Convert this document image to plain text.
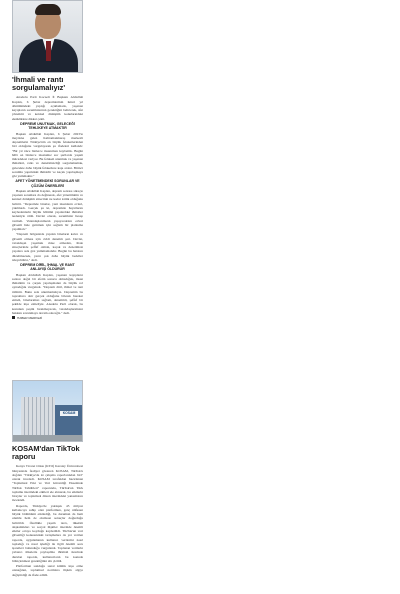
'İhmali ve rantı sorgulamalıyız'

Anadolu Parti Kocaeli İl Başkanı Abdullah Kaplan, 6 Şubat depremlerinin ikinci yıl dönümündeki yaptığı açıklamada, yaşanan kayıpların sorumlularının gerektiğini belirterek, afet yönetimi ve kentsel dönüşüm konularındaki eksikliklere dikkat çekti.

DEPREMİ UNUTMAK, GELECEĞİ TEHLİKEYE ATMAKTIR

Başkan Abdullah Kaplan, 6 Şubat 2023'te meydana gelen Kahramanmaraş merkezli depremlerin Türkiye'nin en büyük felaketlerinden biri olduğunu vurgulayarak şu ifadeleri kullandı: "Bir yıl önce binlerce insanımızı kaybettik. Bugün hâlâ on binlerce insanımız zor şartlarda yaşam mücadelesi veriyor. Bu felaketi unutmak ve yaşanan ihmalleri, rantı ve denetimsizliği sorgulamamak, gelecekte daha büyük felaketlere kapı aralar. Birinci sorumlu yapımdaki ihmaldir ve kaçak yapılaşmaya göz yummaktır."

AFET YÖNETİMİNDEKİ SORUNLAR VE ÇÖZÜM ÖNERİLERİ

Başkan Abdullah Kaplan, deprem sonrası süreçte yaşanan sorunlara da değinerek, afet yönetiminin ve kentsel dönüşüm sürecinin ne kadar kritik olduğunu belirtti. "Depremde binalar, yani insanların evleri, yıkılmadı. Gerçek şu ki, depremde hayatlarını kaybedenlerin büyük bölümü yapılardaki ihmaller nedeniyle öldü. Devlet olarak, sorumlular hesap vermeli. Vatandaşlarımızın yaşayacakları evleri güvenli hale getirmek için sağlam bir planlama yapılmalı."

"Deprem bölgesinde yapılan binaların kalıcı ve güvenli olması için ciddi denetim şart. Devlet, vatandaşın yaşamını riske atmadan, ihale süreçlerinde şeffaf olmalı, kaçak ve denetimsiz yapılara asla göz yummamalıdır. Bugün bu hataları düzeltmezsek, yarın çok daha büyük bedeller ödeyebiliriz," dedi.

DEPREM DİRİL, İHMAL VE RANT ANLAYIŞI ÖLDÜRÜR

Başkan Abdullah Kaplan, yaşanan kayıpların sadece doğal bir afetin sonucu olmadığını, insan ihmalinin ve çarpık yapılaşmanın da büyük rol oynadığını vurguladı. "Deprem diril, ihmal ve rant öldürür. Bunu asla unutmamalıyız. Depremin bu topraklara dair gerçek olduğunu bilerek hareket etmeli, binalarımızı sağlam, denetimli, şeffaf bir şekilde inşa etmeliyiz. Anadolu Parti olarak, bu konunun peşini bırakmayacak, vatandaşlarımızın hakkını savunmaya devam edeceğiz." dedi.

HABER MERKEZİ
KOSAM
KOSAM'dan TikTok raporu

Konya Ticaret Odası (KTO) Karatay Üniversitesi bünyesinde faaliyet gösteren KOSAM, TikTok'u doğdan "Türkiye'de ki çalışma raporlarından biri" olarak inceledi. KOSAM tarafından hazırlanan "Toplumsal Etki ve Veri Güvenliği Ekseninde TikTok Tehditleri" raporunda, TikTok'un Türk toplumu üzerindeki etkileri ele alınarak, bu etkilerin bireyler ve toplumsal düzen üzerindeki yansımaları incelendi.

Raporda, Türkiye'de yaklaşık 45 milyon kullanıcıya sahip olan platformun, genç nüfusun büyük bölümünü etkilediği, bu durumun da hem olumlu hem de olumsuz sonuçlar doğurduğu belirtildi. Özellikle yaşam tarzı, tüketim alışkanlıkları ve sosyal ilişkiler üzerinde önemli etkiler ortaya koyduğu kaydedildi. TikTok'un veri güvenliği konusundaki tartışmalara da yer verilen raporda, uygulamanın kullanıcı verilerini nasıl topladığı ve nasıl işlediği ile ilgili önemli soru işaretleri bulunduğu vurgulandı. Toplanan verilerin yabancı ülkelerle paylaşılma ihtimali üzerinde durulan raporda, kullanıcıların bu konuda bilinçlenmesi gerektiğinin altı çizildi.

Platformun sunduğu sanal kimlik inşa etme olanağının, toplumsal normlara ilişkin algıyı değiştirdiği de ifade edildi.
